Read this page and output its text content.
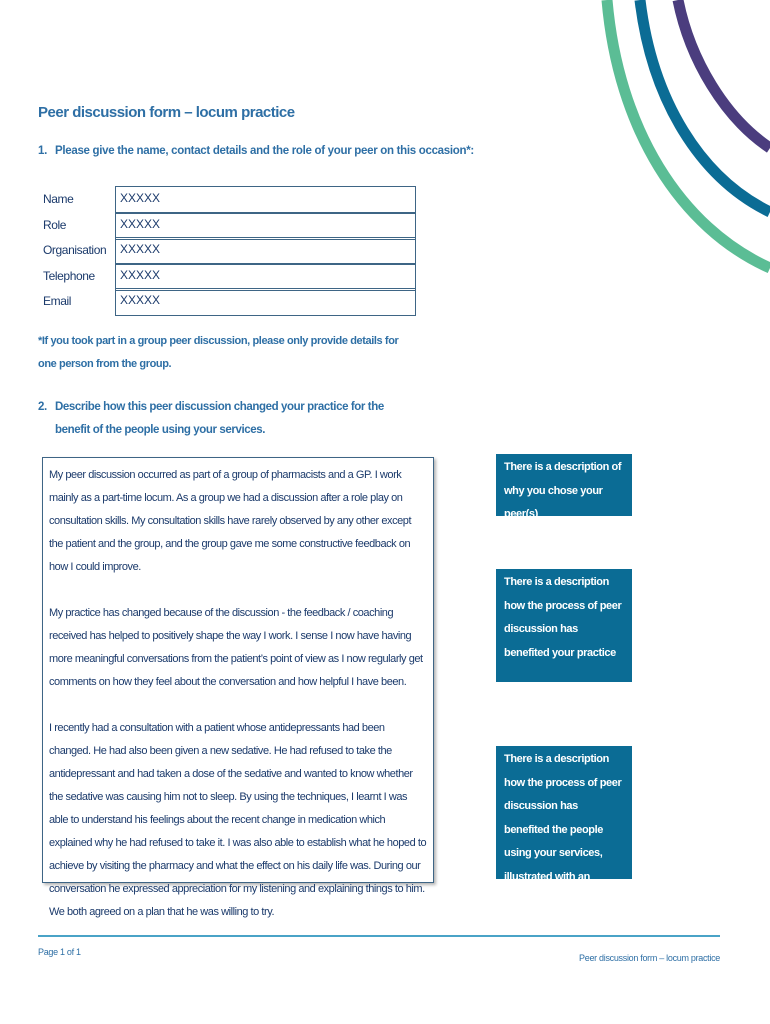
Peer discussion form – locum practice
1. Please give the name, contact details and the role of your peer on this occasion*:
Name	XXXXX
Role	XXXXX
Organisation	XXXXX
Telephone	XXXXX
Email	XXXXX
*If you took part in a group peer discussion, please only provide details for one person from the group.
2. Describe how this peer discussion changed your practice for the benefit of the people using your services.

My peer discussion occurred as part of a group of pharmacists and a GP. I work mainly as a part-time locum. As a group we had a discussion after a role play on consultation skills. My consultation skills have rarely observed by any other except the patient and the group, and the group gave me some constructive feedback on how I could improve.

My practice has changed because of the discussion - the feedback / coaching received has helped to positively shape the way I work. I sense I now have having more meaningful conversations from the patient’s point of view as I now regularly get comments on how they feel about the conversation and how helpful I have been.

I recently had a consultation with a patient whose antidepressants had been changed. He had also been given a new sedative. He had refused to take the antidepressant and had taken a dose of the sedative and wanted to know whether the sedative was causing him not to sleep. By using the techniques, I learnt I was able to understand his feelings about the recent change in medication which explained why he had refused to take it. I was also able to establish what he hoped to achieve by visiting the pharmacy and what the effect on his daily life was. During our conversation he expressed appreciation for my listening and explaining things to him. We both agreed on a plan that he was willing to try.

There is a description of why you chose your peer(s)
There is a description how the process of peer discussion has benefited your practice
There is a description how the process of peer discussion has benefited the people using your services, illustrated with an example
Page 1 of 1
Peer discussion form – locum practice
